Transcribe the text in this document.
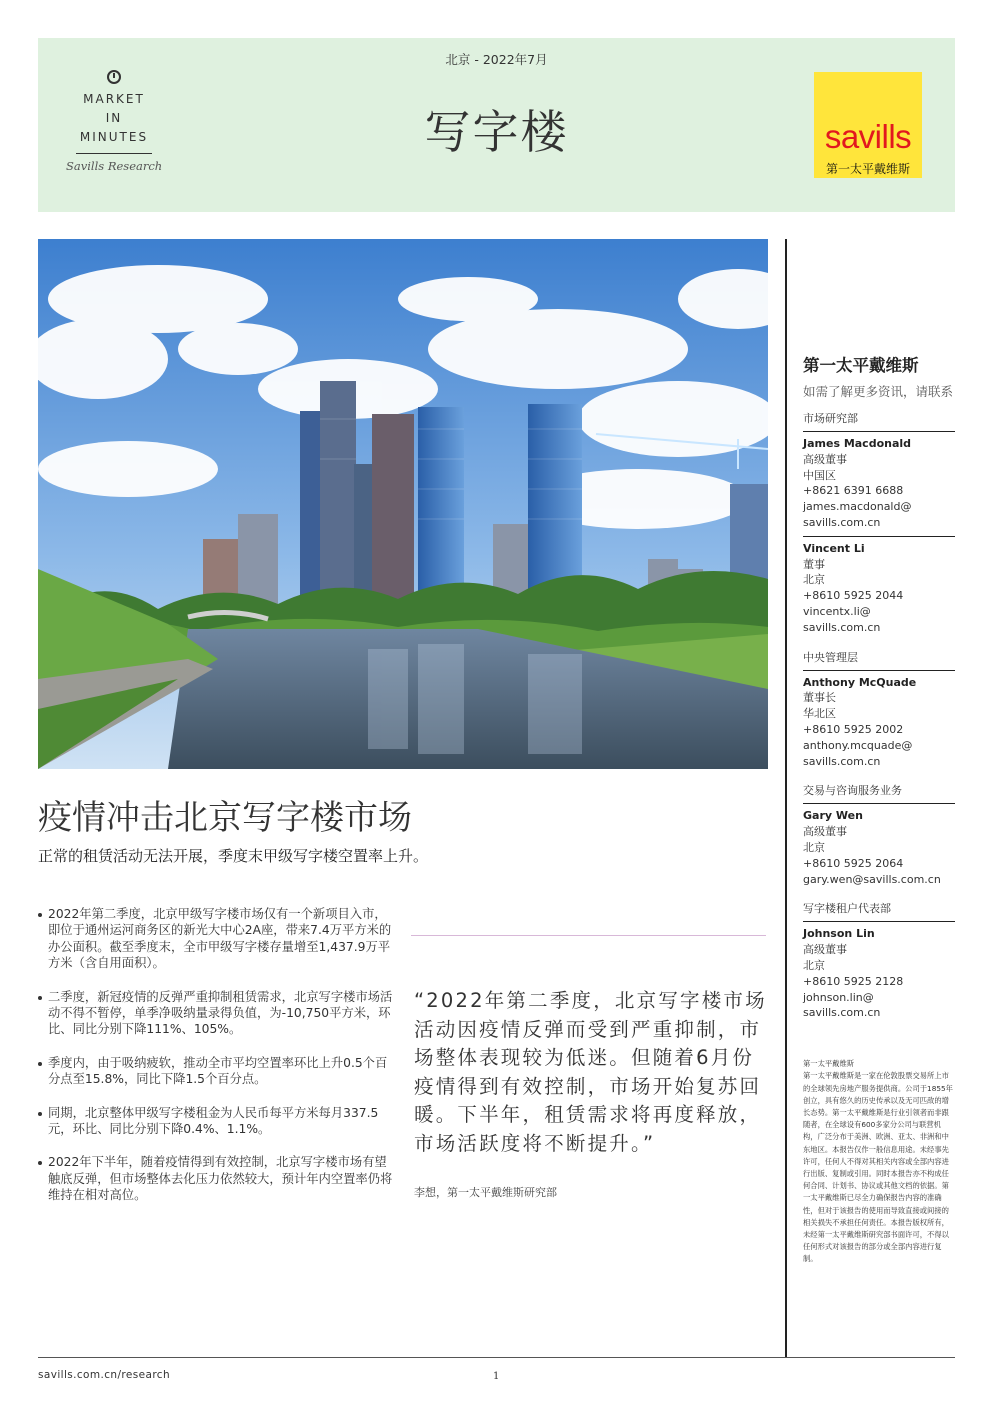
MARKET
IN
MINUTES
Savills Research
北京 - 2022年7月
写字楼	savills
第一太平戴维斯
疫情冲击北京写字楼市场

正常的租赁活动无法开展，季度末甲级写字楼空置率上升。

2022年第二季度，北京甲级写字楼市场仅有一个新项目入市，即位于通州运河商务区的新光大中心2A座，带来7.4万平方米的办公面积。截至季度末，全市甲级写字楼存量增至1,437.9万平方米（含自用面积）。
二季度，新冠疫情的反弹严重抑制租赁需求，北京写字楼市场活动不得不暂停，单季净吸纳量录得负值，为-10,750平方米，环比、同比分别下降111%、105%。
季度内，由于吸纳疲软，推动全市平均空置率环比上升0.5个百分点至15.8%，同比下降1.5个百分点。
同期，北京整体甲级写字楼租金为人民币每平方米每月337.5元，环比、同比分别下降0.4%、1.1%。
2022年下半年，随着疫情得到有效控制，北京写字楼市场有望触底反弹，但市场整体去化压力依然较大，预计年内空置率仍将维持在相对高位。

“2022年第二季度，北京写字楼市场活动因疫情反弹而受到严重抑制，市场整体表现较为低迷。但随着6月份疫情得到有效控制，市场开始复苏回暖。下半年，租赁需求将再度释放，市场活跃度将不断提升。”

李想，第一太平戴维斯研究部

第一太平戴维斯
如需了解更多资讯，请联系
市场研究部
James Macdonald
高级董事
中国区
+8621 6391 6688
james.macdonald@
savills.com.cn
Vincent Li
董事
北京
+8610 5925 2044
vincentx.li@
savills.com.cn
中央管理层
Anthony McQuade
董事长
华北区
+8610 5925 2002
anthony.mcquade@
savills.com.cn
交易与咨询服务业务
Gary Wen
高级董事
北京
+8610 5925 2064
gary.wen@savills.com.cn
写字楼租户代表部
Johnson Lin
高级董事
北京
+8610 5925 2128
johnson.lin@
savills.com.cn
第一太平戴维斯
第一太平戴维斯是一家在伦敦股票交易所上市的全球领先房地产服务提供商。公司于1855年创立，具有悠久的历史传承以及无可匹敌的增长态势。第一太平戴维斯是行业引领者而非跟随者，在全球设有600多家分公司与联营机构，广泛分布于美洲、欧洲、亚太、非洲和中东地区。本报告仅作一般信息用途。未经事先许可，任何人不得对其相关内容或全部内容进行出版、复制或引用。同时本报告亦不构成任何合同、计划书、协议或其他文档的依据。第一太平戴维斯已尽全力确保报告内容的准确性，但对于该报告的使用而导致直接或间接的相关损失不承担任何责任。本报告版权所有，未经第一太平戴维斯研究部书面许可，不得以任何形式对该报告的部分或全部内容进行复制。
savills.com.cn/research	1
